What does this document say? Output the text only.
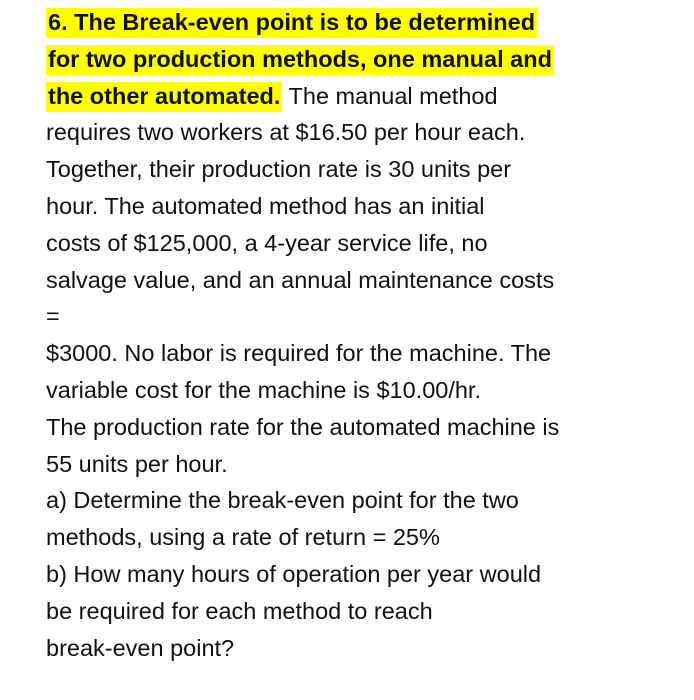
6. The Break-even point is to be determined
for two production methods, one manual and
the other automated. The manual method
requires two workers at $16.50 per hour each.
Together, their production rate is 30 units per
hour. The automated method has an initial
costs of $125,000, a 4-year service life, no
salvage value, and an annual maintenance costs
=
$3000. No labor is required for the machine. The
variable cost for the machine is $10.00/hr.
The production rate for the automated machine is
55 units per hour.
a) Determine the break-even point for the two
methods, using a rate of return = 25%
b) How many hours of operation per year would
be required for each method to reach
break-even point?
